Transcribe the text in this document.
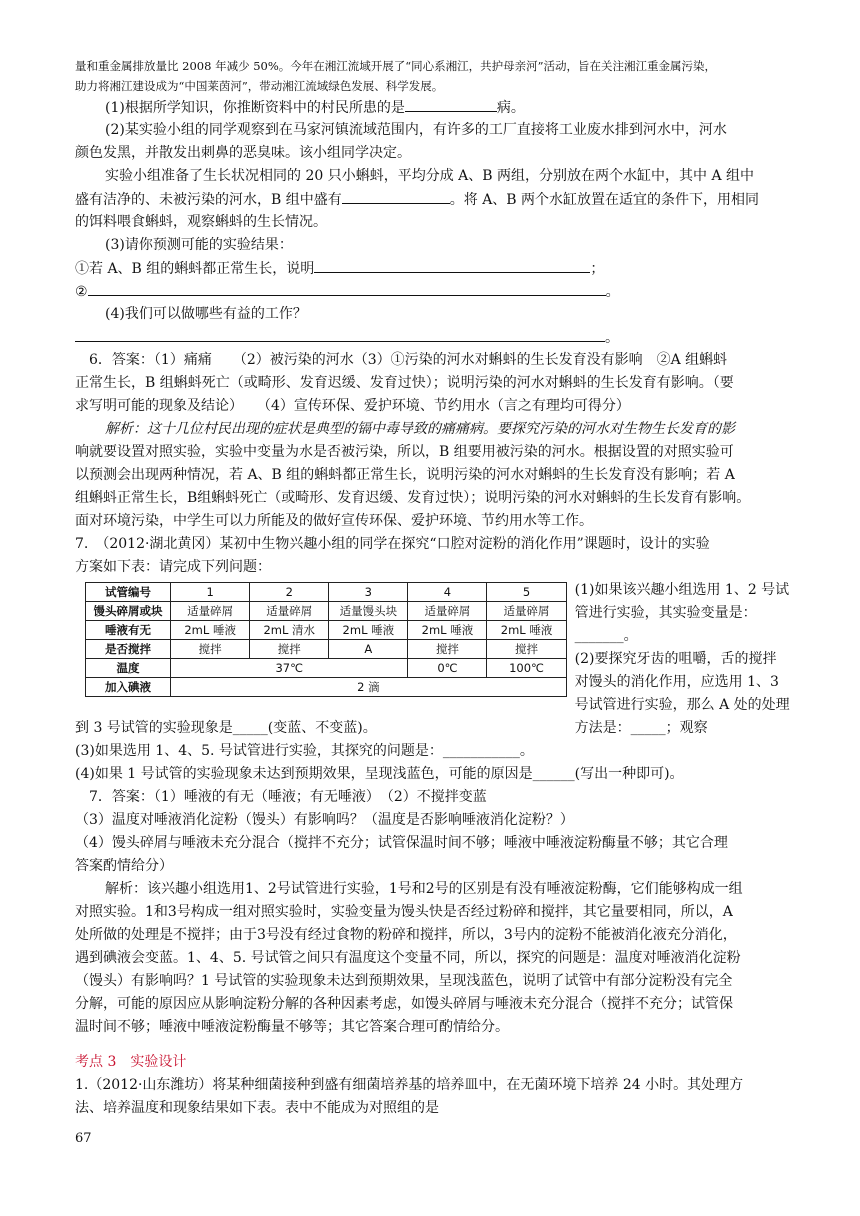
量和重金属排放量比 2008 年减少 50%。今年在湘江流域开展了“同心系湘江，共护母亲河”活动，旨在关注湘江重金属污染，
助力将湘江建设成为“中国莱茵河”，带动湘江流域绿色发展、科学发展。
(1)根据所学知识，你推断资料中的村民所患的是	病。
(2)某实验小组的同学观察到在马家河镇流域范围内，有许多的工厂直接将工业废水排到河水中，河水
颜色发黑，并散发出刺鼻的恶臭味。该小组同学决定。
实验小组准备了生长状况相同的 20 只小蝌蚪，平均分成 A、B 两组，分别放在两个水缸中，其中 A 组中
盛有洁净的、未被污染的河水，B 组中盛有	。将 A、B 两个水缸放置在适宜的条件下，用相同
的饵料喂食蝌蚪，观察蝌蚪的生长情况。
(3)请你预测可能的实验结果：
①若 A、B 组的蝌蚪都正常生长，说明	；
②	。
(4)我们可以做哪些有益的工作？
。
6．答案：（1）痛痛　　（2）被污染的河水（3）①污染的河水对蝌蚪的生长发育没有影响　②A 组蝌蚪
正常生长，B 组蝌蚪死亡（或畸形、发育迟缓、发育过快）；说明污染的河水对蝌蚪的生长发育有影响。（要
求写明可能的现象及结论）　　（4）宣传环保、爱护环境、节约用水（言之有理均可得分）
解析：这十几位村民出现的症状是典型的镉中毒导致的痛痛病。要探究污染的河水对生物生长发育的影
响就要设置对照实验，实验中变量为水是否被污染，所以，B 组要用被污染的河水。根据设置的对照实验可
以预测会出现两种情况，若 A、B 组的蝌蚪都正常生长，说明污染的河水对蝌蚪的生长发育没有影响；若 A
组蝌蚪正常生长，B组蝌蚪死亡（或畸形、发育迟缓、发育过快）；说明污染的河水对蝌蚪的生长发育有影响。
面对环境污染，中学生可以力所能及的做好宣传环保、爱护环境、节约用水等工作。
7.　（2012·湖北黄冈）某初中生物兴趣小组的同学在探究“口腔对淀粉的消化作用”课题时，设计的实验
方案如下表：请完成下列问题：
试管编号	1	2	3	4	5
馒头碎屑或块	适量碎屑	适量碎屑	适量馒头块	适量碎屑	适量碎屑
唾液有无	2mL 唾液	2mL 清水	2mL 唾液	2mL 唾液	2mL 唾液
是否搅拌	搅拌	搅拌	A	搅拌	搅拌
温度	37℃			0℃	100℃
加入碘液	2 滴				
(1)如果该兴趣小组选用 1、2 号试管进行实验，其实验变量是：_______。
(2)要探究牙齿的咀嚼，舌的搅拌对馒头的消化作用，应选用 1、3 号试管进行实验，那么 A 处的处理方法是：_____；观察
到 3 号试管的实验现象是_____(变蓝、不变蓝)。
(3)如果选用 1、4、5. 号试管进行实验，其探究的问题是：___________。
(4)如果 1 号试管的实验现象未达到预期效果，呈现浅蓝色，可能的原因是______(写出一种即可)。
7．答案：（1）唾液的有无（唾液；有无唾液）　（2）不搅拌变蓝
（3）温度对唾液消化淀粉（馒头）有影响吗？（温度是否影响唾液消化淀粉？）
（4）馒头碎屑与唾液未充分混合（搅拌不充分；试管保温时间不够；唾液中唾液淀粉酶量不够；其它合理
答案酌情给分）
解析：该兴趣小组选用1、2号试管进行实验，1号和2号的区别是有没有唾液淀粉酶，它们能够构成一组
对照实验。1和3号构成一组对照实验时，实验变量为馒头快是否经过粉碎和搅拌，其它量要相同，所以，A
处所做的处理是不搅拌；由于3号没有经过食物的粉碎和搅拌，所以，3号内的淀粉不能被消化液充分消化，
遇到碘液会变蓝。1、4、5. 号试管之间只有温度这个变量不同，所以，探究的问题是：温度对唾液消化淀粉
（馒头）有影响吗？1 号试管的实验现象未达到预期效果，呈现浅蓝色，说明了试管中有部分淀粉没有完全
分解，可能的原因应从影响淀粉分解的各种因素考虑，如馒头碎屑与唾液未充分混合（搅拌不充分；试管保
温时间不够；唾液中唾液淀粉酶量不够等；其它答案合理可酌情给分。
考点 3　实验设计
1.（2012·山东潍坊）将某种细菌接种到盛有细菌培养基的培养皿中，在无菌环境下培养 24 小时。其处理方
法、培养温度和现象结果如下表。表中不能成为对照组的是
67
